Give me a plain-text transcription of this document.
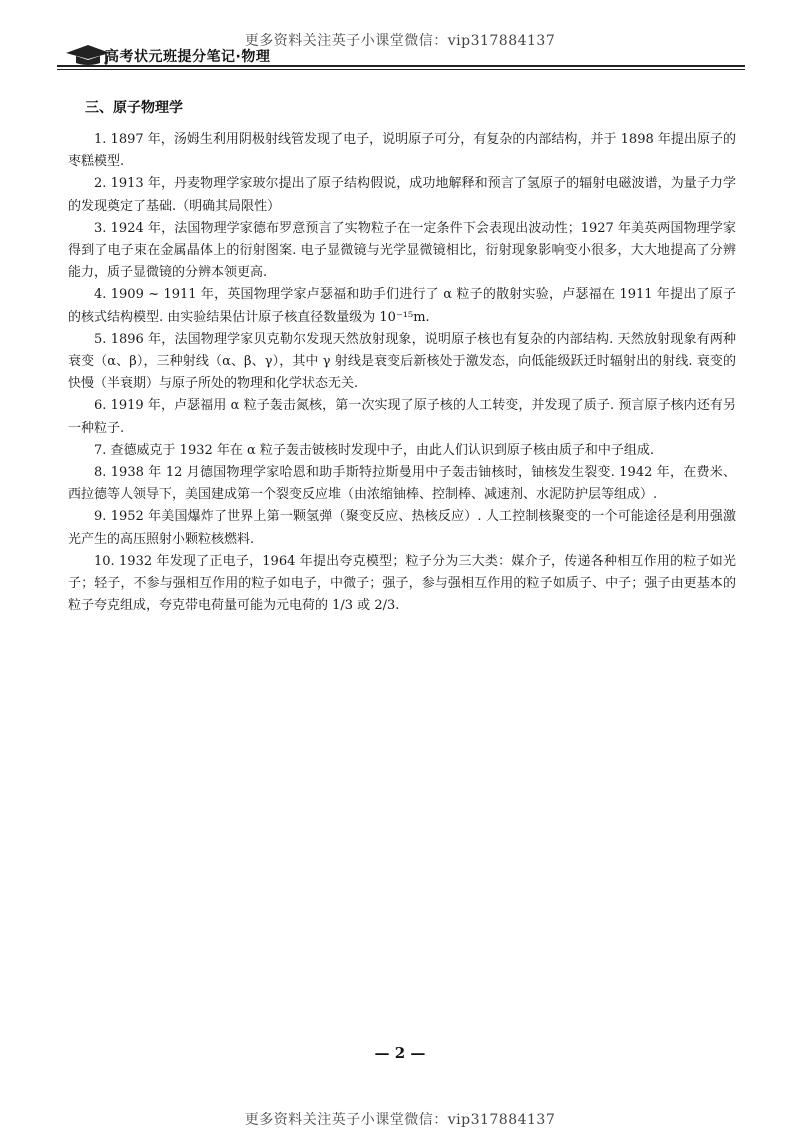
更多资料关注英子小课堂微信：vip317884137
高考状元班提分笔记·物理
三、原子物理学

1. 1897 年，汤姆生利用阴极射线管发现了电子，说明原子可分，有复杂的内部结构，并于 1898 年提出原子的枣糕模型.

2. 1913 年，丹麦物理学家玻尔提出了原子结构假说，成功地解释和预言了氢原子的辐射电磁波谱，为量子力学的发现奠定了基础.（明确其局限性）

3. 1924 年，法国物理学家德布罗意预言了实物粒子在一定条件下会表现出波动性；1927 年美英两国物理学家得到了电子束在金属晶体上的衍射图案. 电子显微镜与光学显微镜相比，衍射现象影响变小很多，大大地提高了分辨能力，质子显微镜的分辨本领更高.

4. 1909 ~ 1911 年，英国物理学家卢瑟福和助手们进行了 α 粒子的散射实验，卢瑟福在 1911 年提出了原子的核式结构模型. 由实验结果估计原子核直径数量级为 10⁻¹⁵m.

5. 1896 年，法国物理学家贝克勒尔发现天然放射现象，说明原子核也有复杂的内部结构. 天然放射现象有两种衰变（α、β），三种射线（α、β、γ），其中 γ 射线是衰变后新核处于激发态，向低能级跃迁时辐射出的射线. 衰变的快慢（半衰期）与原子所处的物理和化学状态无关.

6. 1919 年，卢瑟福用 α 粒子轰击氮核，第一次实现了原子核的人工转变，并发现了质子. 预言原子核内还有另一种粒子.

7. 查德威克于 1932 年在 α 粒子轰击铍核时发现中子，由此人们认识到原子核由质子和中子组成.

8. 1938 年 12 月德国物理学家哈恩和助手斯特拉斯曼用中子轰击铀核时，铀核发生裂变. 1942 年，在费米、西拉德等人领导下，美国建成第一个裂变反应堆（由浓缩铀棒、控制棒、减速剂、水泥防护层等组成）.

9. 1952 年美国爆炸了世界上第一颗氢弹（聚变反应、热核反应）. 人工控制核聚变的一个可能途径是利用强激光产生的高压照射小颗粒核燃料.

10. 1932 年发现了正电子，1964 年提出夸克模型；粒子分为三大类：媒介子，传递各种相互作用的粒子如光子；轻子，不参与强相互作用的粒子如电子，中微子；强子，参与强相互作用的粒子如质子、中子；强子由更基本的粒子夸克组成，夸克带电荷量可能为元电荷的 1/3 或 2/3.

— 2 —
更多资料关注英子小课堂微信：vip317884137
